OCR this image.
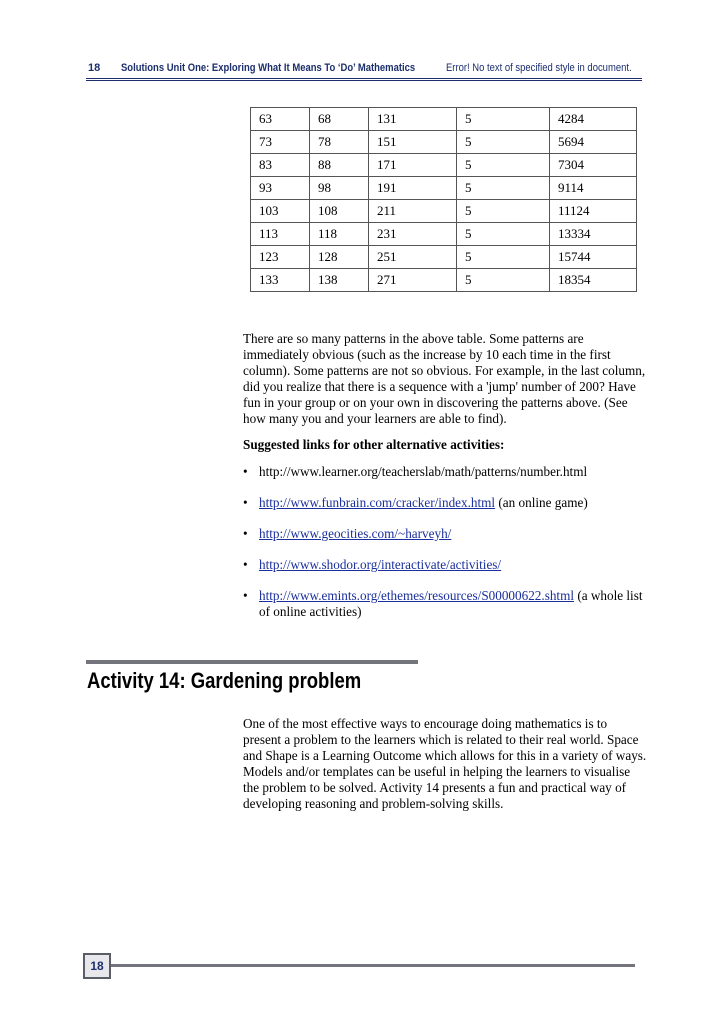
18 Solutions Unit One: Exploring What It Means To ‘Do’ Mathematics	Error! No text of specified style in document.
63	68	131	5	4284
73	78	151	5	5694
83	88	171	5	7304
93	98	191	5	9114
103	108	211	5	11124
113	118	231	5	13334
123	128	251	5	15744
133	138	271	5	18354
There are so many patterns in the above table. Some patterns are immediately obvious (such as the increase by 10 each time in the first column). Some patterns are not so obvious. For example, in the last column, did you realize that there is a sequence with a 'jump' number of 200? Have fun in your group or on your own in discovering the patterns above. (See how many you and your learners are able to find).
Suggested links for other alternative activities:
• http://www.learner.org/teacherslab/math/patterns/number.html
• http://www.funbrain.com/cracker/index.html (an online game)
• http://www.geocities.com/~harveyh/
• http://www.shodor.org/interactivate/activities/
• http://www.emints.org/ethemes/resources/S00000622.shtml (a whole list of online activities)
Activity 14: Gardening problem
One of the most effective ways to encourage doing mathematics is to present a problem to the learners which is related to their real world. Space and Shape is a Learning Outcome which allows for this in a variety of ways. Models and/or templates can be useful in helping the learners to visualise the problem to be solved. Activity 14 presents a fun and practical way of developing reasoning and problem-solving skills.
18
